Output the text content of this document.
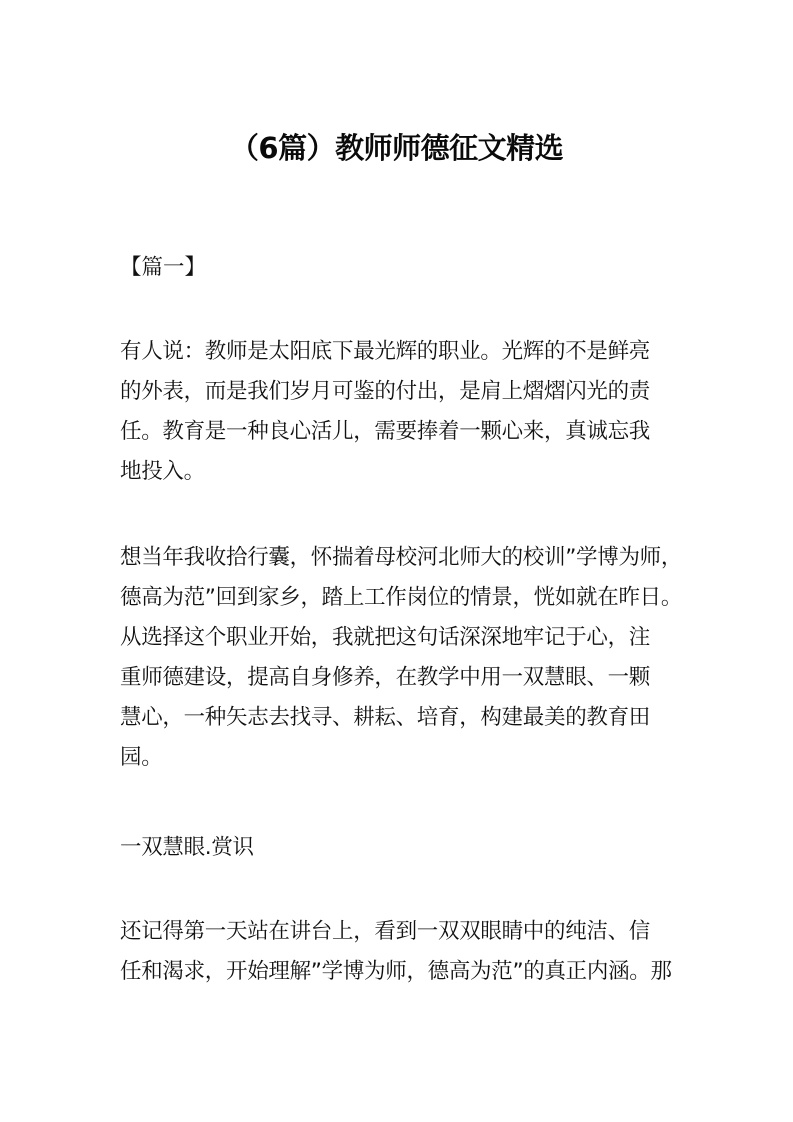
（6篇）教师师德征文精选

【篇一】

有人说：教师是太阳底下最光辉的职业。光辉的不是鲜亮

的外表，而是我们岁月可鉴的付出，是肩上熠熠闪光的责

任。教育是一种良心活儿，需要捧着一颗心来，真诚忘我

地投入。

想当年我收拾行囊，怀揣着母校河北师大的校训”学博为师，

德高为范”回到家乡，踏上工作岗位的情景，恍如就在昨日。

从选择这个职业开始，我就把这句话深深地牢记于心，注

重师德建设，提高自身修养，在教学中用一双慧眼、一颗

慧心，一种矢志去找寻、耕耘、培育，构建最美的教育田

园。

一双慧眼.赏识

还记得第一天站在讲台上，看到一双双眼睛中的纯洁、信

任和渴求，开始理解”学博为师，德高为范”的真正内涵。那
